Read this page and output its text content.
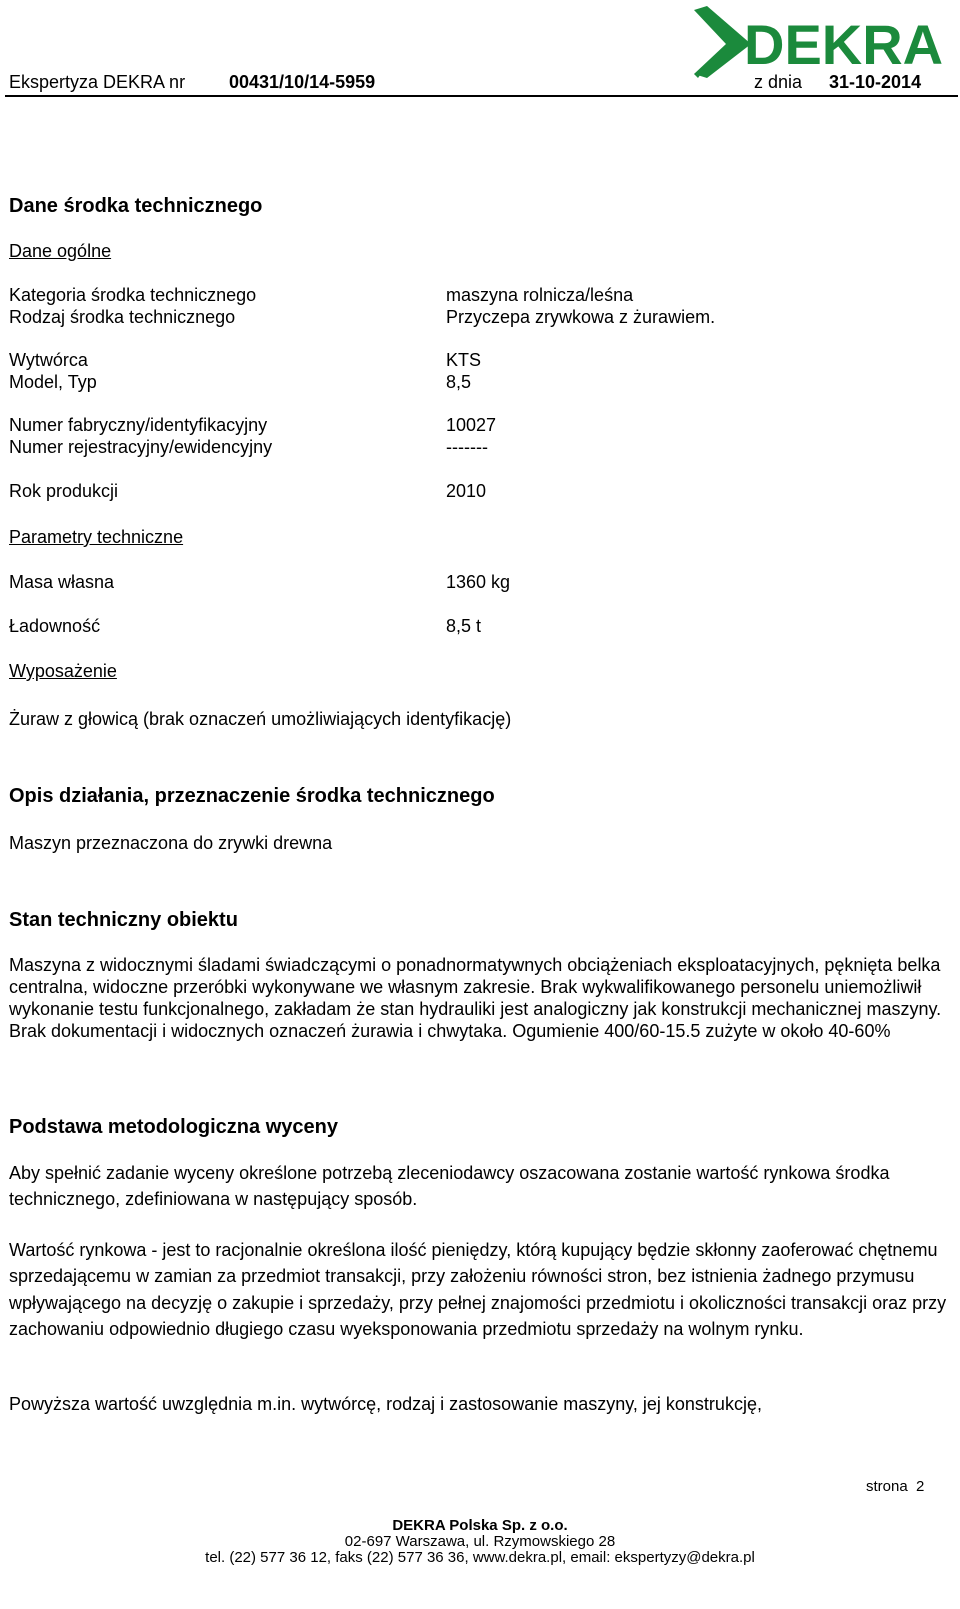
Ekspertyza DEKRA nr 00431/10/14-5959	z dnia 31-10-2014
DEKRA
Dane środka technicznego
Dane ogólne
Kategoria środka technicznego	maszyna rolnicza/leśna
Rodzaj środka technicznego	Przyczepa zrywkowa z żurawiem.
Wytwórca	KTS
Model, Typ	8,5
Numer fabryczny/identyfikacyjny	10027
Numer rejestracyjny/ewidencyjny	-------
Rok produkcji	2010
Parametry techniczne
Masa własna	1360 kg
Ładowność	8,5 t
Wyposażenie
Żuraw z głowicą (brak oznaczeń umożliwiających identyfikację)
Opis działania, przeznaczenie środka technicznego
Maszyn przeznaczona do zrywki drewna
Stan techniczny obiektu
Maszyna z widocznymi śladami świadczącymi o ponadnormatywnych obciążeniach eksploatacyjnych, pęknięta belka centralna, widoczne przeróbki wykonywane we własnym zakresie. Brak wykwalifikowanego personelu uniemożliwił wykonanie testu funkcjonalnego, zakładam że stan hydrauliki jest analogiczny jak konstrukcji mechanicznej maszyny. Brak dokumentacji i widocznych oznaczeń żurawia i chwytaka. Ogumienie 400/60-15.5 zużyte w około 40-60%
Podstawa metodologiczna wyceny
Aby spełnić zadanie wyceny określone potrzebą zleceniodawcy oszacowana zostanie wartość rynkowa środka technicznego, zdefiniowana w następujący sposób.
Wartość rynkowa - jest to racjonalnie określona ilość pieniędzy, którą kupujący będzie skłonny zaoferować chętnemu sprzedającemu w zamian za przedmiot transakcji, przy założeniu równości stron, bez istnienia żadnego przymusu wpływającego na decyzję o zakupie i sprzedaży, przy pełnej znajomości przedmiotu i okoliczności transakcji oraz przy zachowaniu odpowiednio długiego czasu wyeksponowania przedmiotu sprzedaży na wolnym rynku.
Powyższa wartość uwzględnia m.in. wytwórcę, rodzaj i zastosowanie maszyny, jej konstrukcję,
strona 2
DEKRA Polska Sp. z o.o.
02-697 Warszawa, ul. Rzymowskiego 28
tel. (22) 577 36 12, faks (22) 577 36 36, www.dekra.pl, email: ekspertyzy@dekra.pl
